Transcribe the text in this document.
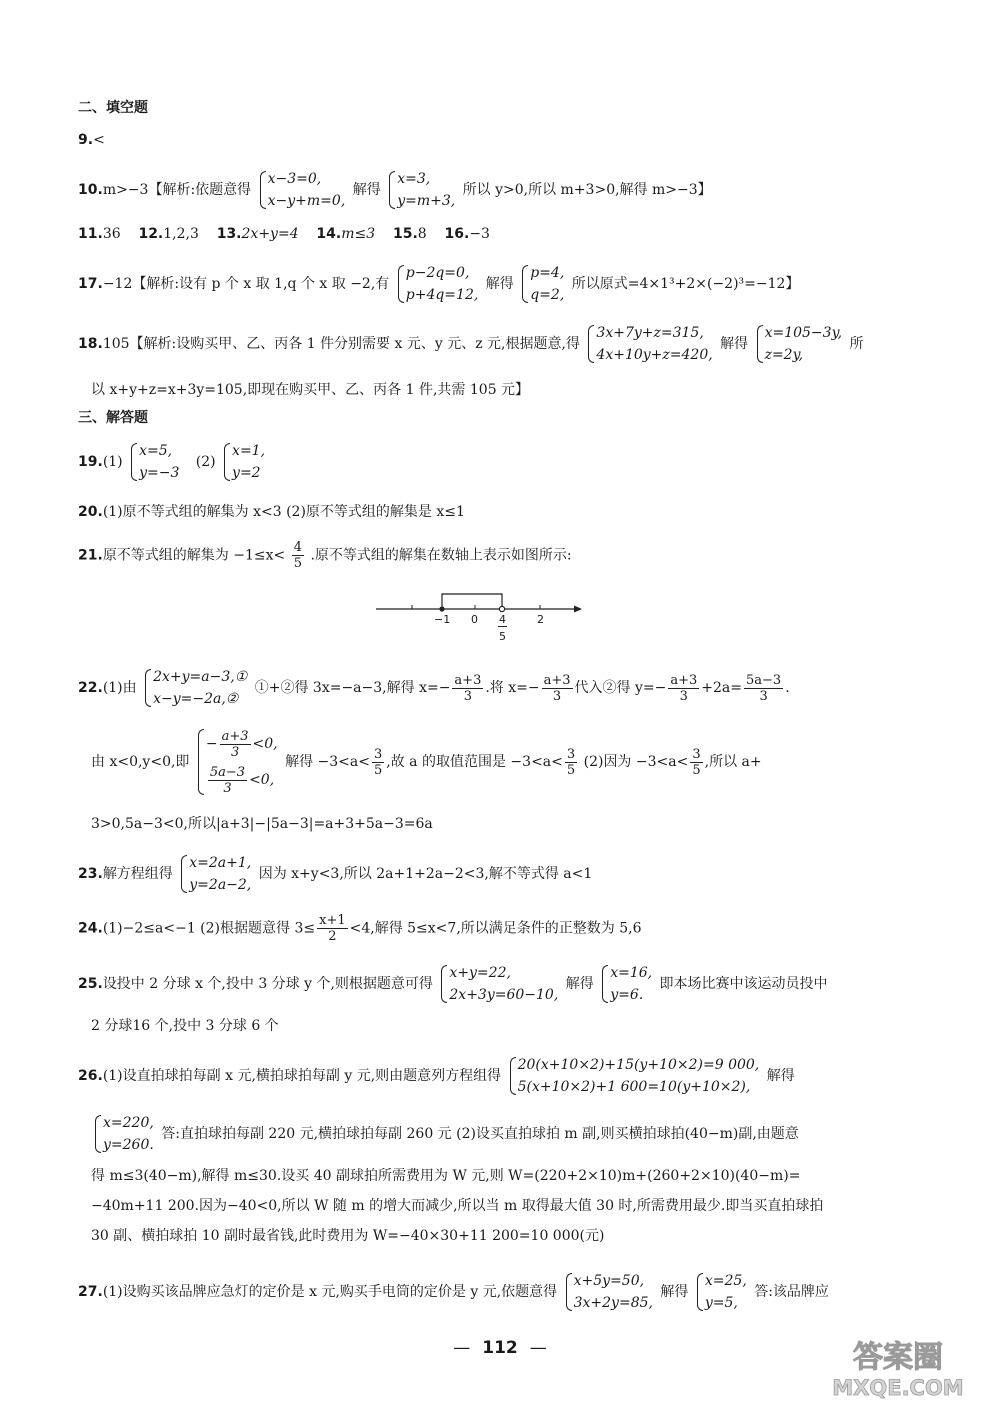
二、填空题
9.<
10.m>−3【解析:依题意得
x−3=0,
x−y+m=0,
解得
x=3,
y=m+3,
所以 y>0,所以 m+3>0,解得 m>−3】
11.36 12.1,2,3 13.2x+y=4 14.m≤3 15.8 16.−3
17.−12【解析:设有 p 个 x 取 1,q 个 x 取 −2,有
p−2q=0,
p+4q=12,
解得
p=4,
q=2,
所以原式=4×1³+2×(−2)³=−12】
18.105【解析:设购买甲、乙、丙各 1 件分别需要 x 元、y 元、z 元,根据题意,得
3x+7y+z=315,
4x+10y+z=420,
解得
x=105−3y,
z=2y,
所
以 x+y+z=x+3y=105,即现在购买甲、乙、丙各 1 件,共需 105 元】
三、解答题
19.(1)
x=5,
y=−3
(2)
x=1,
y=2
20.(1)原不等式组的解集为 x<3 (2)原不等式组的解集是 x≤1
21.原不等式组的解集为 $-1\le x< \frac{4}{5}$ .原不等式组的解集在数轴上表示如图所示:
−1 0 4
5
2
22.(1)由
2x+y=a−3,①
x−y=−2a,②
①+②得 3x=−a−3,解得 $x=- \frac{a+3}{3}$ .将 $x=- \frac{a+3}{3}$ 代入②得 $y=- \frac{a+3}{3} +2a= \frac{5a-3}{3}$ .
由 x<0,y<0,即
− $\frac{a+3}{3} <0$,
$\frac{5a-3}{3} <0$,
解得 $-3<a< \frac{3}{5}$ ,故 a 的取值范围是 $-3<a< \frac{3}{5} (2)$因为 $-3<a< \frac{3}{5}$ ,所以 a+
3>0,5a−3<0,所以|a+3|−|5a−3|=a+3+5a−3=6a
23.解方程组得
x=2a+1,
y=2a−2,
因为 x+y<3,所以 2a+1+2a−2<3,解不等式得 a<1
24.(1)−2≤a<−1 (2)根据题意得 $3\le \frac{x+1}{2} <4$,解得 5≤x<7,所以满足条件的正整数为 5,6
25.设投中 2 分球 x 个,投中 3 分球 y 个,则根据题意可得
x+y=22,
2x+3y=60−10,
解得
x=16,
y=6.
即本场比赛中该运动员投中
2 分球16 个,投中 3 分球 6 个
26.(1)设直拍球拍每副 x 元,横拍球拍每副 y 元,则由题意列方程组得
20(x+10×2)+15(y+10×2)=9 000,
5(x+10×2)+1 600=10(y+10×2),
解得
x=220,
y=260.
答:直拍球拍每副 220 元,横拍球拍每副 260 元 (2)设买直拍球拍 m 副,则买横拍球拍(40−m)副,由题意
得 m≤3(40−m),解得 m≤30.设买 40 副球拍所需费用为 W 元,则 W=(220+2×10)m+(260+2×10)(40−m)=
−40m+11 200.因为−40<0,所以 W 随 m 的增大而减少,所以当 m 取得最大值 30 时,所需费用最少.即当买直拍球拍
30 副、横拍球拍 10 副时最省钱,此时费用为 W=−40×30+11 200=10 000(元)
27.(1)设购买该品牌应急灯的定价是 x 元,购买手电筒的定价是 y 元,依题意得
x+5y=50,
3x+2y=85,
解得
x=25,
y=5,
答:该品牌应
— 112 —	答案圈
MXQE.COM
